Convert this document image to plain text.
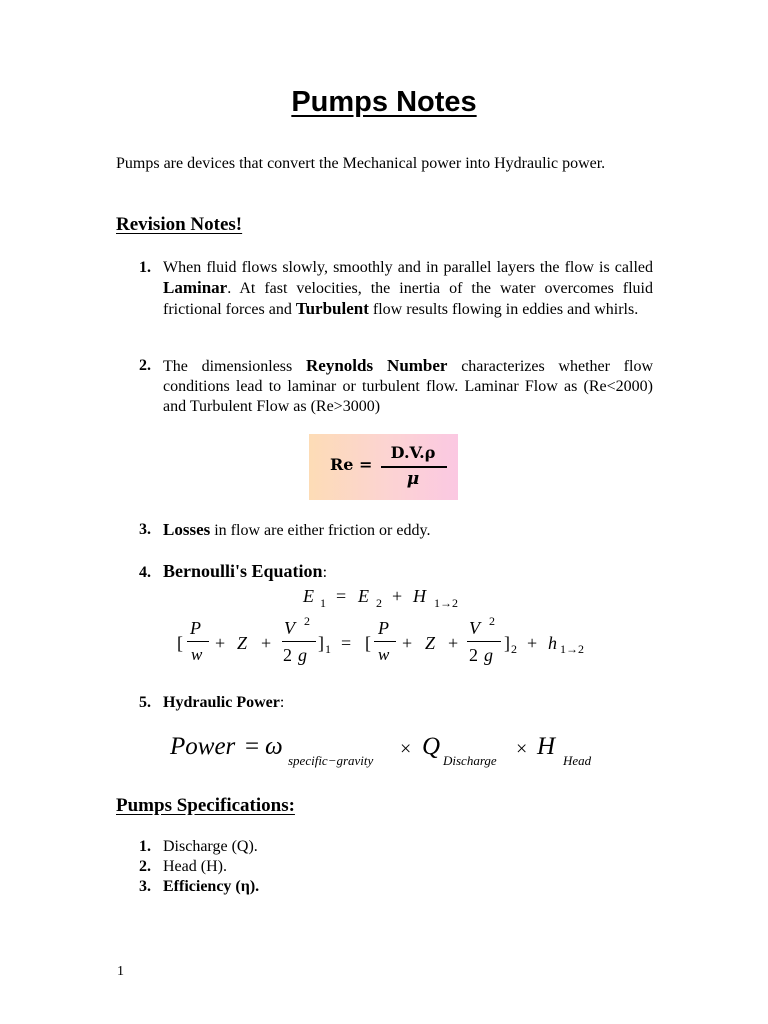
Pumps Notes
Pumps are devices that convert the Mechanical power into Hydraulic power.
Revision Notes!
1. When fluid flows slowly, smoothly and in parallel layers the flow is called Laminar. At fast velocities, the inertia of the water overcomes fluid frictional forces and Turbulent flow results flowing in eddies and whirls.
2. The dimensionless Reynolds Number characterizes whether flow conditions lead to laminar or turbulent flow. Laminar Flow as (Re<2000) and Turbulent Flow as (Re>3000)
Re =
D.V.ρ
μ
3. Losses in flow are either friction or eddy.
4. Bernoulli's Equation:
E 1 = E 2 + H 1→2
[
P
w
+ Z +
V 2
2 g
] 1 = [
P
w
+ Z +
V 2
2 g
] 2 + h 1→2
5. Hydraulic Power:
Power = ω
specific−gravity
× Q
Discharge
× H
Head
Pumps Specifications:
1. Discharge (Q).
2. Head (H).
3. Efficiency (η).
1
